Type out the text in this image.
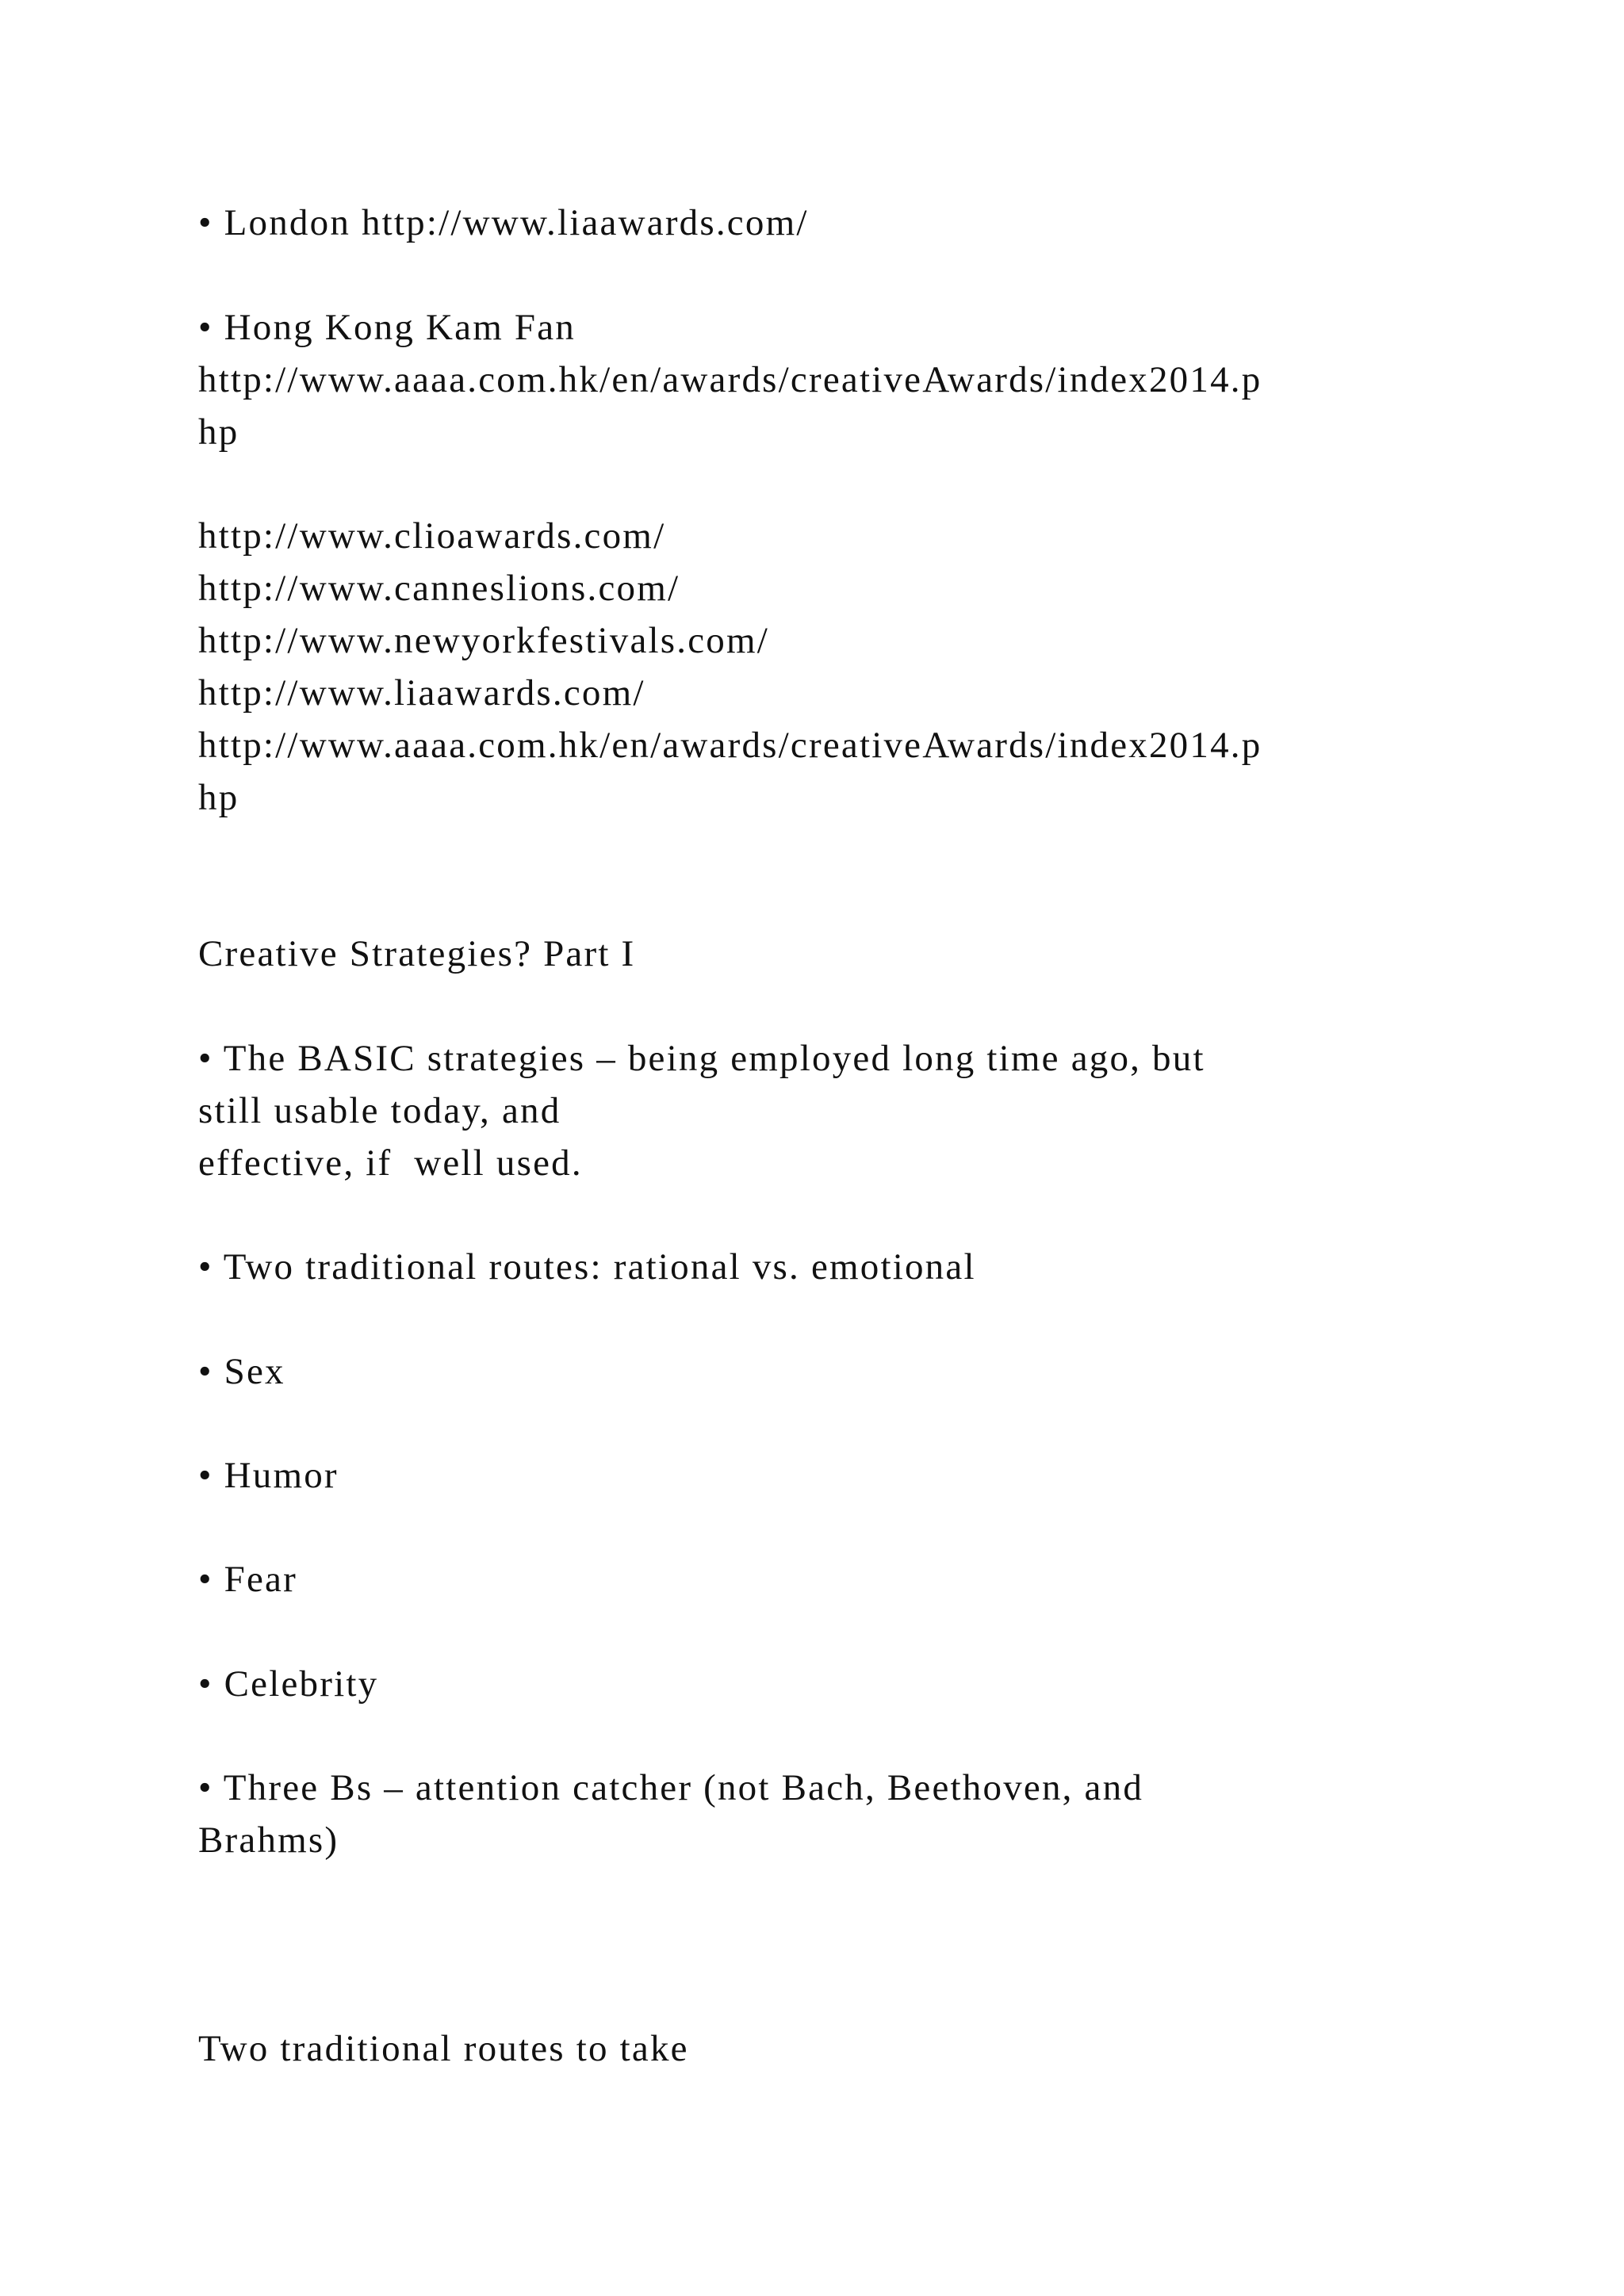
• London http://www.liaawards.com/

• Hong Kong Kam Fan

http://www.aaaa.com.hk/en/awards/creativeAwards/index2014.p

hp

http://www.clioawards.com/

http://www.canneslions.com/

http://www.newyorkfestivals.com/

http://www.liaawards.com/

http://www.aaaa.com.hk/en/awards/creativeAwards/index2014.p

hp

Creative Strategies? Part I

• The BASIC strategies – being employed long time ago, but

still usable today, and

effective, if  well used.

• Two traditional routes: rational vs. emotional

• Sex

• Humor

• Fear

• Celebrity

• Three Bs – attention catcher (not Bach, Beethoven, and

Brahms)

Two traditional routes to take
